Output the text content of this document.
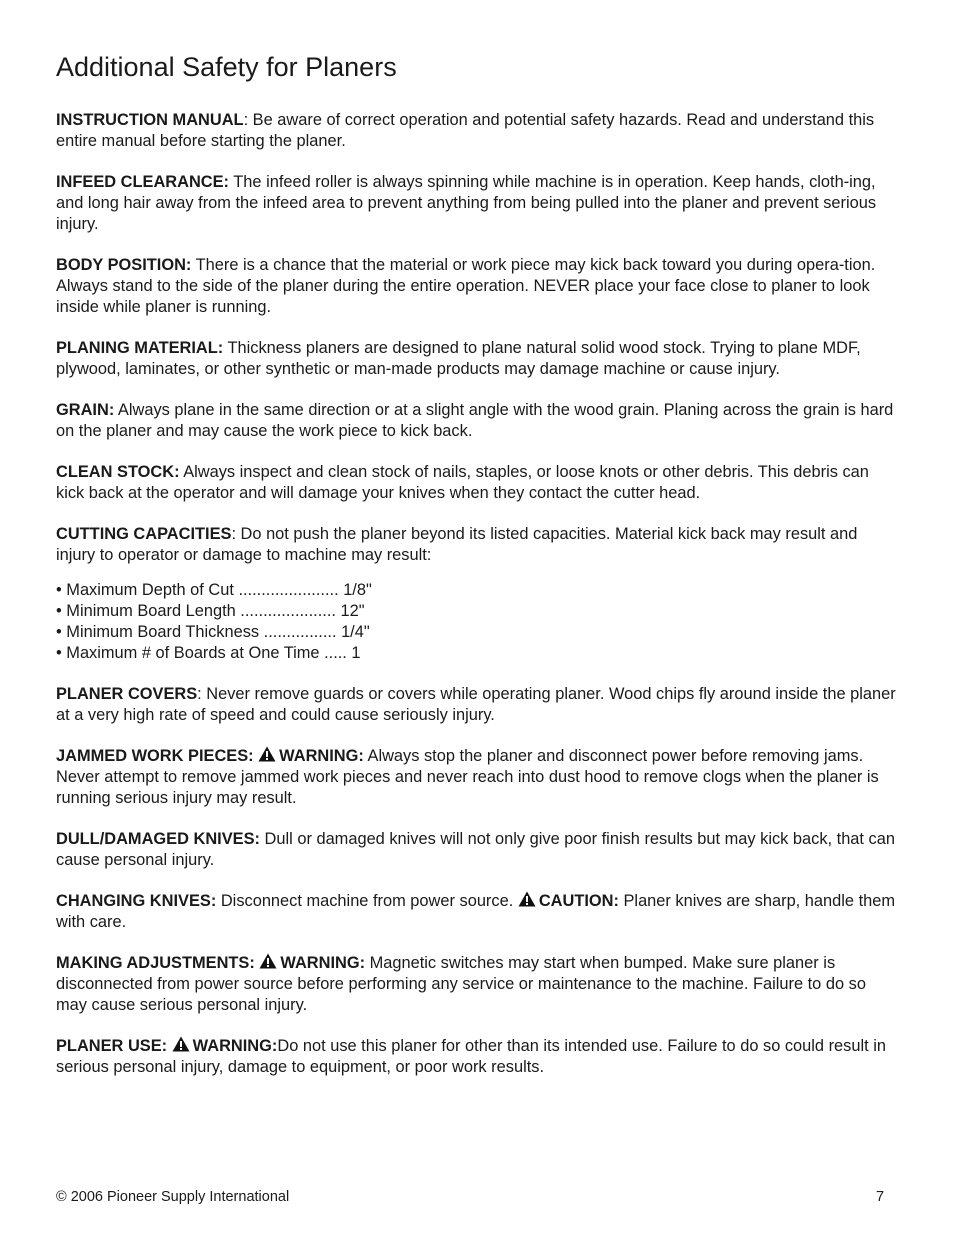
Additional Safety for Planers

INSTRUCTION MANUAL: Be aware of correct operation and potential safety hazards. Read and understand this entire manual before starting the planer.

INFEED CLEARANCE: The infeed roller is always spinning while machine is in operation. Keep hands, cloth-ing, and long hair away from the infeed area to prevent anything from being pulled into the planer and prevent serious injury.

BODY POSITION: There is a chance that the material or work piece may kick back toward you during opera-tion. Always stand to the side of the planer during the entire operation. NEVER place your face close to planer to look inside while planer is running.

PLANING MATERIAL: Thickness planers are designed to plane natural solid wood stock. Trying to plane MDF, plywood, laminates, or other synthetic or man-made products may damage machine or cause injury.

GRAIN: Always plane in the same direction or at a slight angle with the wood grain. Planing across the grain is hard on the planer and may cause the work piece to kick back.

CLEAN STOCK: Always inspect and clean stock of nails, staples, or loose knots or other debris. This debris can kick back at the operator and will damage your knives when they contact the cutter head.

CUTTING CAPACITIES: Do not push the planer beyond its listed capacities. Material kick back may result and injury to operator or damage to machine may result:

• Maximum Depth of Cut ...................... 1/8"
• Minimum Board Length ..................... 12"
• Minimum Board Thickness ................ 1/4"
• Maximum # of Boards at One Time ..... 1

PLANER COVERS: Never remove guards or covers while operating planer. Wood chips fly around inside the planer at a very high rate of speed and could cause seriously injury.

JAMMED WORK PIECES: WARNING: Always stop the planer and disconnect power before removing jams. Never attempt to remove jammed work pieces and never reach into dust hood to remove clogs when the planer is running serious injury may result.

DULL/DAMAGED KNIVES: Dull or damaged knives will not only give poor finish results but may kick back, that can cause personal injury.

CHANGING KNIVES: Disconnect machine from power source. CAUTION: Planer knives are sharp, handle them with care.

MAKING ADJUSTMENTS: WARNING: Magnetic switches may start when bumped. Make sure planer is disconnected from power source before performing any service or maintenance to the machine. Failure to do so may cause serious personal injury.

PLANER USE: WARNING:Do not use this planer for other than its intended use. Failure to do so could result in serious personal injury, damage to equipment, or poor work results.

© 2006 Pioneer Supply International	7
